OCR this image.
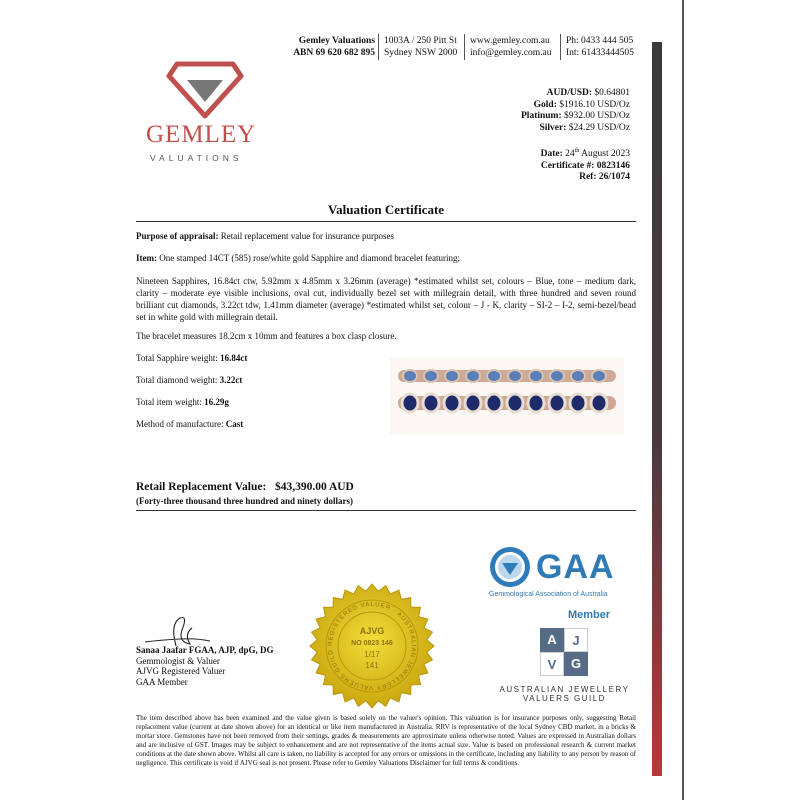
GEMLEY
VALUATIONS
Gemley Valuations
ABN 69 620 682 895
1003A / 250 Pitt St
Sydney NSW 2000
www.gemley.com.au
info@gemley.com.au
Ph: 0433 444 505
Int: 61433444505
AUD/USD: $0.64801
Gold: $1916.10 USD/Oz
Platinum: $932.00 USD/Oz
Silver: $24.29 USD/Oz
Date: 24th August 2023
Certificate #: 0823146
Ref: 26/1074
Valuation Certificate
Purpose of appraisal: Retail replacement value for insurance purposes
Item: One stamped 14CT (585) rose/white gold Sapphire and diamond bracelet featuring;
Nineteen Sapphires, 16.84ct ctw, 5.92mm x 4.85mm x 3.26mm (average) *estimated whilst set, colours – Blue, tone – medium dark, clarity – moderate eye visible inclusions, oval cut, individually bezel set with millegrain detail, with three hundred and seven round brilliant cut diamonds, 3.22ct tdw, 1.41mm diameter (average) *estimated whilst set, colour – J - K, clarity – SI-2 – I-2, semi-bezel/bead set in white gold with millegrain detail.
The bracelet measures 18.2cm x 10mm and features a box clasp closure.
Total Sapphire weight: 16.84ct
Total diamond weight: 3.22ct
Total item weight: 16.29g
Method of manufacture: Cast
Retail Replacement Value: $43,390.00 AUD
(Forty-three thousand three hundred and ninety dollars)
GAA
Gemmological Association of Australia
Member
A	J
V	G
AUSTRALIAN JEWELLERY
VALUERS GUILD
REGISTERED VALUER · AUSTRALIAN JEWELLERY VALUERS GUILD
AJVG
NO 0823 146
1/17
141
Sanaa Jaafar FGAA, AJP, dpG, DG
Gemmologist & Valuer
AJVG Registered Valuer
GAA Member
The item described above has been examined and the value given is based solely on the valuer's opinion. This valuation is for insurance purposes only, suggesting Retail replacement value (current at date shown above) for an identical or like item manufactured in Australia. RRV is representative of the local Sydney CBD market, in a bricks & mortar store. Gemstones have not been removed from their settings, grades & measurements are approximate unless otherwise noted. Values are expressed in Australian dollars and are inclusive of GST. Images may be subject to enhancement and are not representative of the items actual size. Value is based on professional research & current market conditions at the date shown above. Whilst all care is taken, no liability is accepted for any errors or omissions in the certificate, including any liability to any person by reason of negligence. This certificate is void if AJVG seal is not present. Please refer to Gemley Valuations Disclaimer for full terms & conditions.
